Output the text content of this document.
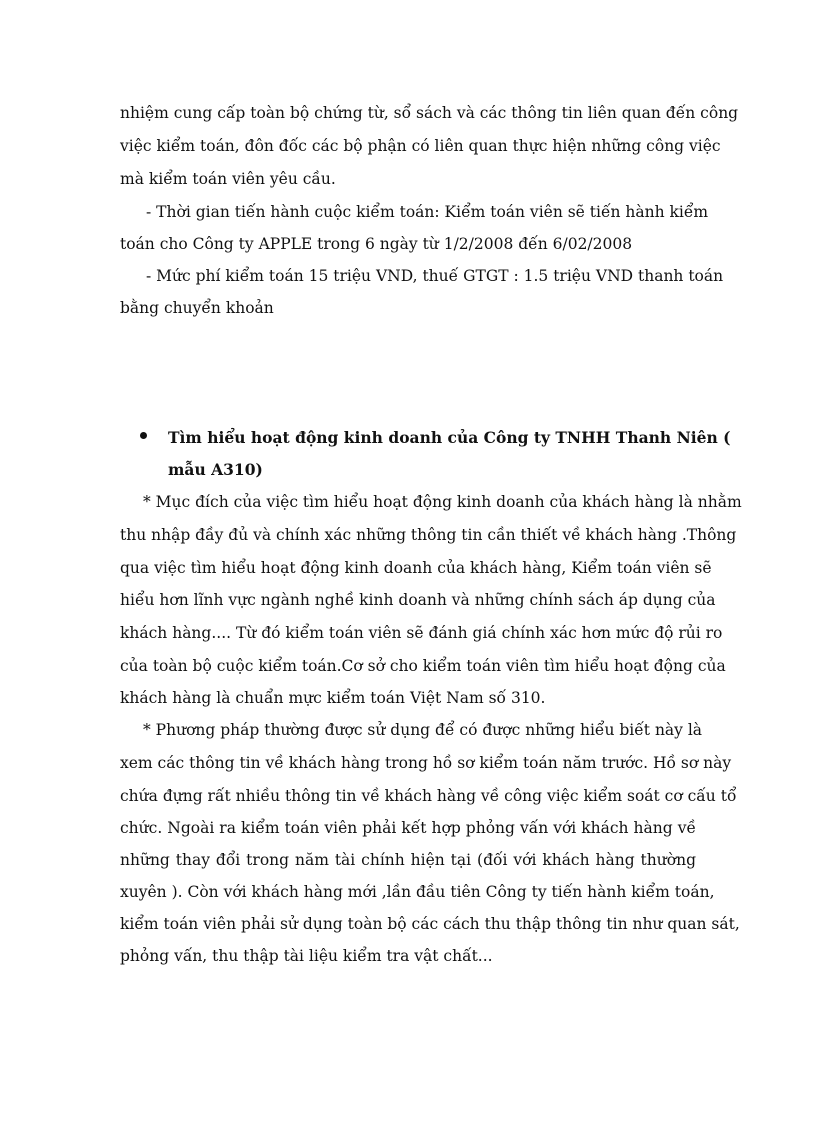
nhiệm cung cấp toàn bộ chứng từ, sổ sách và các thông tin liên quan đến công
việc kiểm toán, đôn đốc các bộ phận có liên quan thực hiện những công việc
mà kiểm toán viên yêu cầu.
- Thời gian tiến hành cuộc kiểm toán: Kiểm toán viên sẽ tiến hành kiểm
toán cho Công ty APPLE trong 6 ngày từ 1/2/2008 đến 6/02/2008
- Mức phí kiểm toán 15 triệu VND, thuế GTGT : 1.5 triệu VND thanh toán
bằng chuyển khoản
Tìm hiểu hoạt động kinh doanh của Công ty TNHH Thanh Niên (
mẫu A310)
* Mục đích của việc tìm hiểu hoạt động kinh doanh của khách hàng là nhằm
thu nhập đầy đủ và chính xác những thông tin cần thiết về khách hàng .Thông
qua việc tìm hiểu hoạt động kinh doanh của khách hàng, Kiểm toán viên sẽ
hiểu hơn lĩnh vực ngành nghề kinh doanh và những chính sách áp dụng của
khách hàng.... Từ đó kiểm toán viên sẽ đánh giá chính xác hơn mức độ rủi ro
của toàn bộ cuộc kiểm toán.Cơ sở cho kiểm toán viên tìm hiểu hoạt động của
khách hàng là chuẩn mực kiểm toán Việt Nam số 310.
* Phương pháp thường được sử dụng để có được những hiểu biết này là
xem các thông tin về khách hàng trong hồ sơ kiểm toán năm trước. Hồ sơ này
chứa đựng rất nhiều thông tin về khách hàng về công việc kiểm soát cơ cấu tổ
chức. Ngoài ra kiểm toán viên phải kết hợp phỏng vấn với khách hàng về
những thay đổi trong năm tài chính hiện tại (đối với khách hàng thường
xuyên ). Còn với khách hàng mới ,lần đầu tiên Công ty tiến hành kiểm toán,
kiểm toán viên phải sử dụng toàn bộ các cách thu thập thông tin như quan sát,
phỏng vấn, thu thập tài liệu kiểm tra vật chất...
